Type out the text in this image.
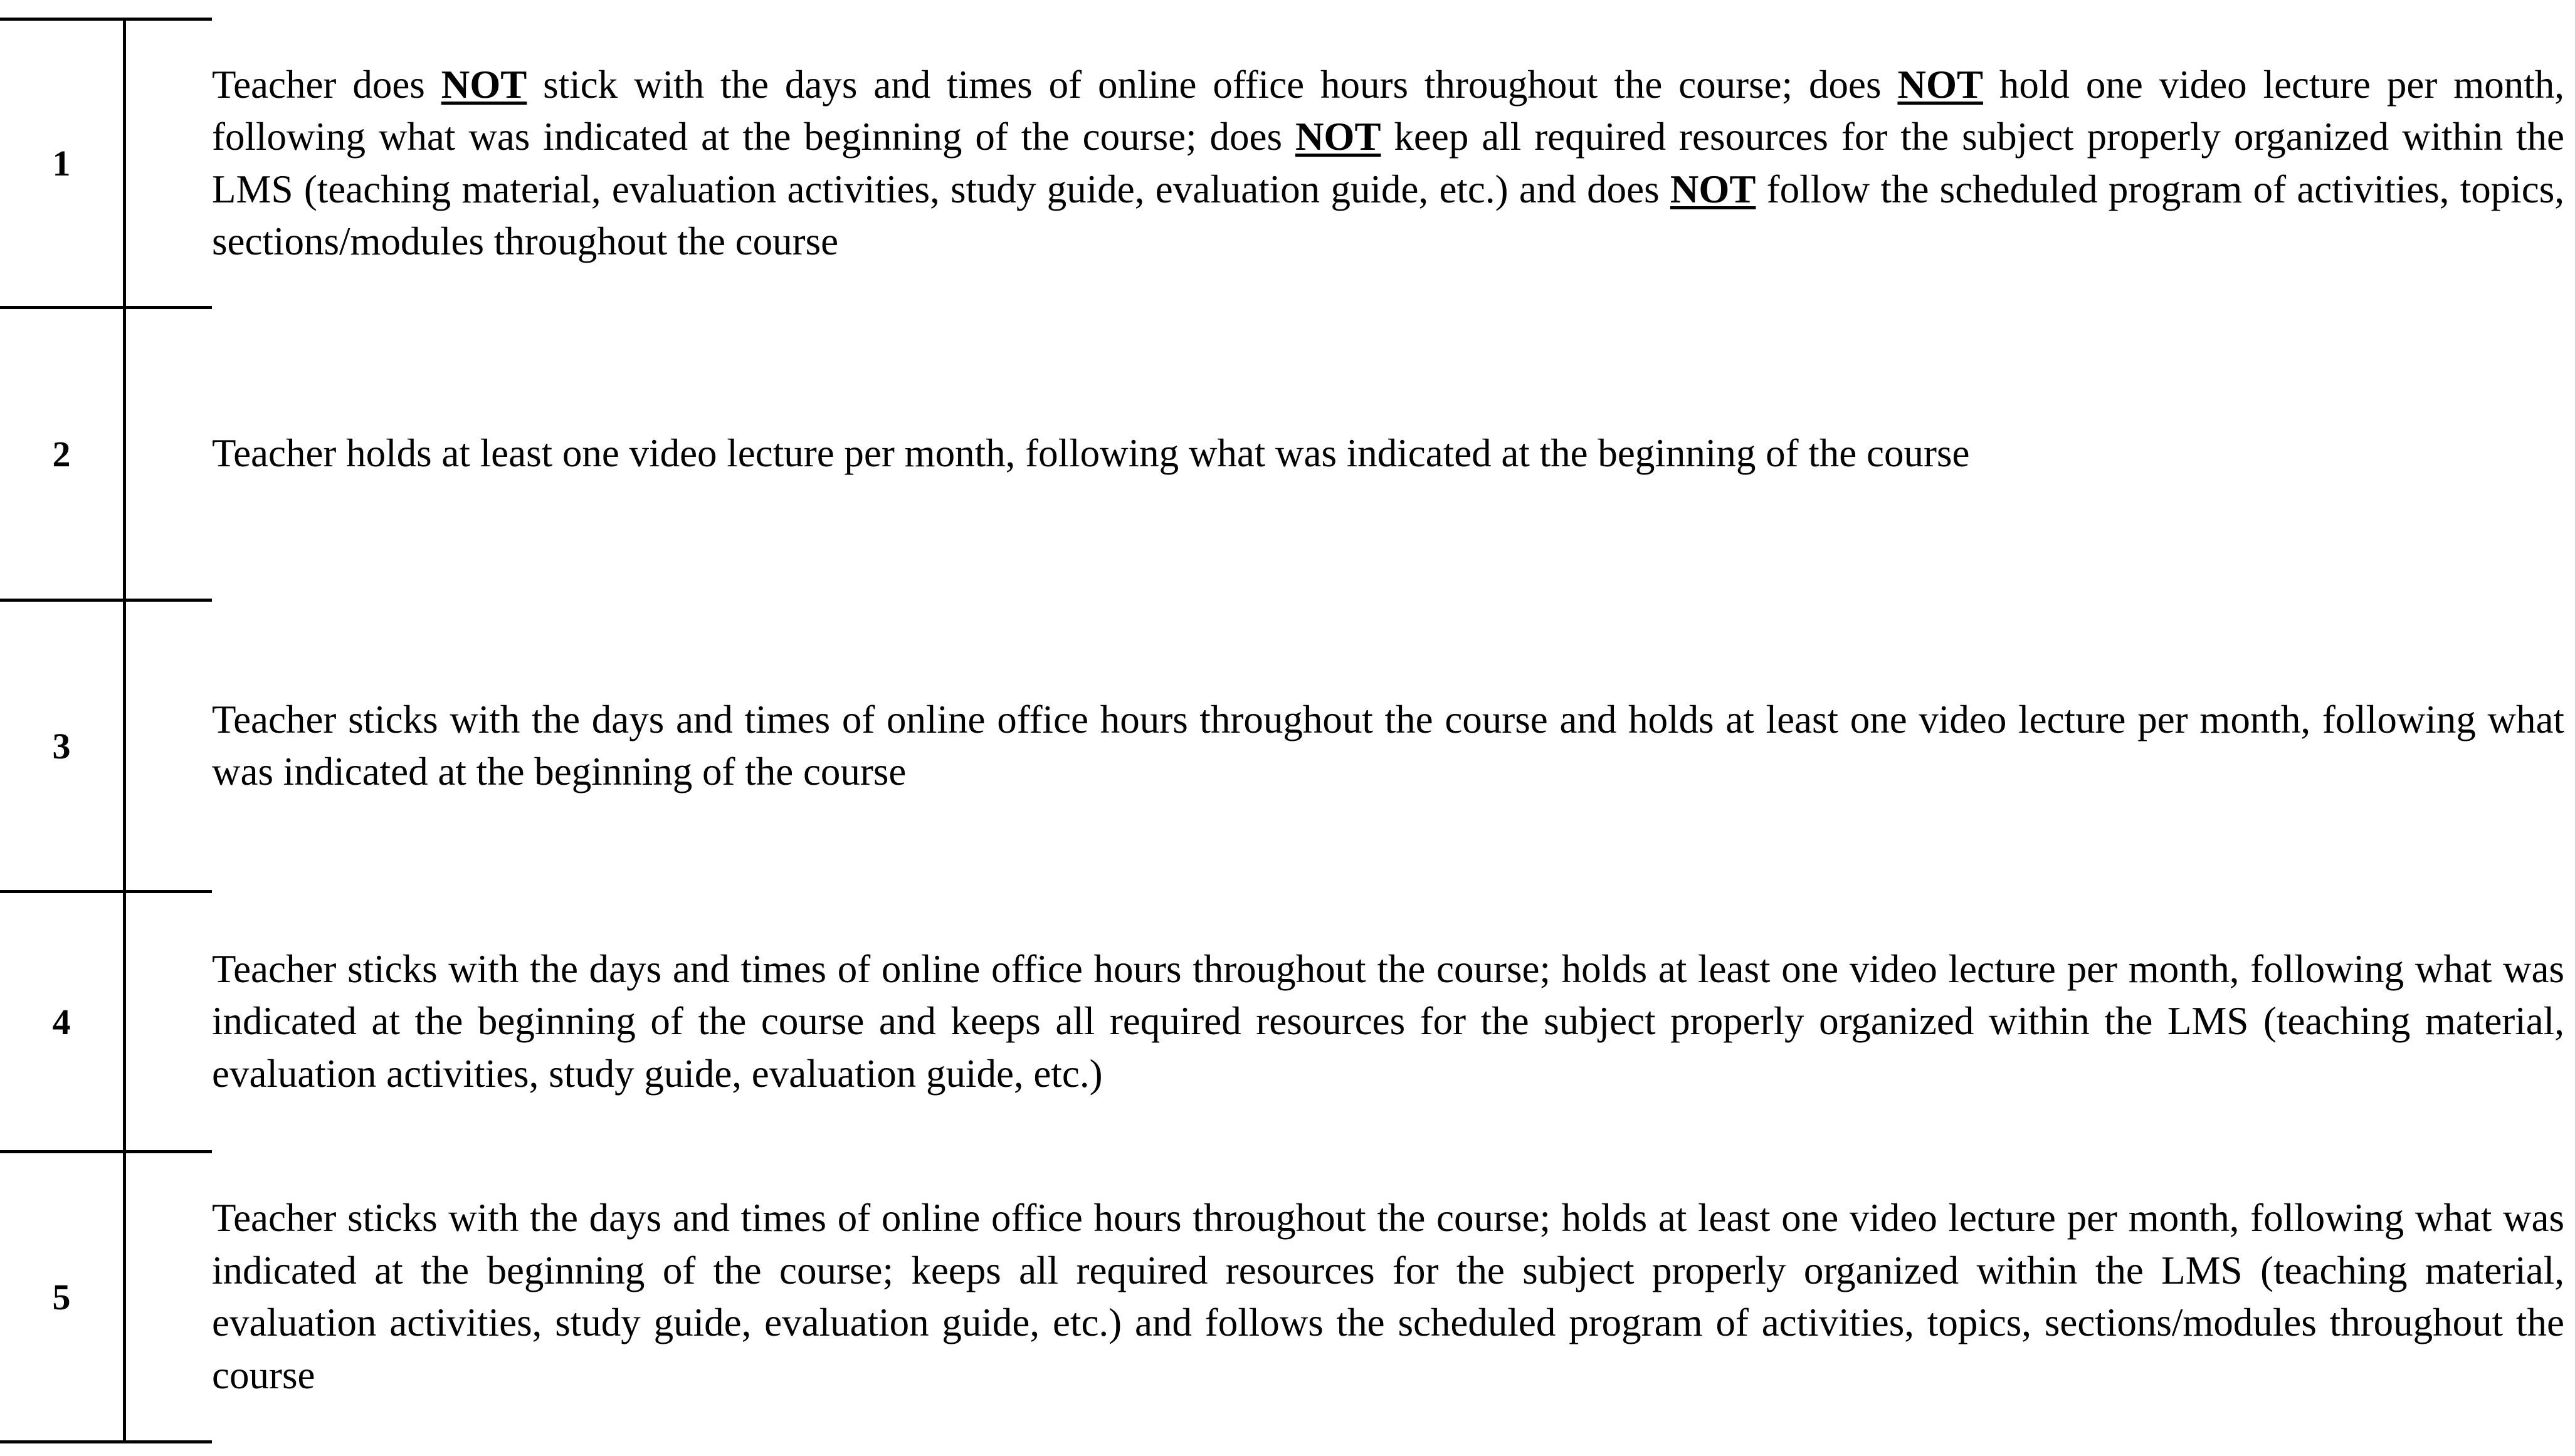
1

Teacher does NOT stick with the days and times of online office hours throughout the course; does NOT hold one video lecture per month, following what was indicated at the beginning of the course; does NOT keep all required resources for the subject properly organized within the LMS (teaching material, evaluation activities, study guide, evaluation guide, etc.) and does NOT follow the scheduled program of activities, topics, sections/modules throughout the course

2	Teacher holds at least one video lecture per month, following what was indicated at the beginning of the course

3

Teacher sticks with the days and times of online office hours throughout the course and holds at least one video lecture per month, following what was indicated at the beginning of the course

4

Teacher sticks with the days and times of online office hours throughout the course; holds at least one video lecture per month, following what was indicated at the beginning of the course and keeps all required resources for the subject properly organized within the LMS (teaching material, evaluation activities, study guide, evaluation guide, etc.)

5

Teacher sticks with the days and times of online office hours throughout the course; holds at least one video lecture per month, following what was indicated at the beginning of the course; keeps all required resources for the subject properly organized within the LMS (teaching material, evaluation activities, study guide, evaluation guide, etc.) and follows the scheduled program of activities, topics, sections/modules throughout the course
